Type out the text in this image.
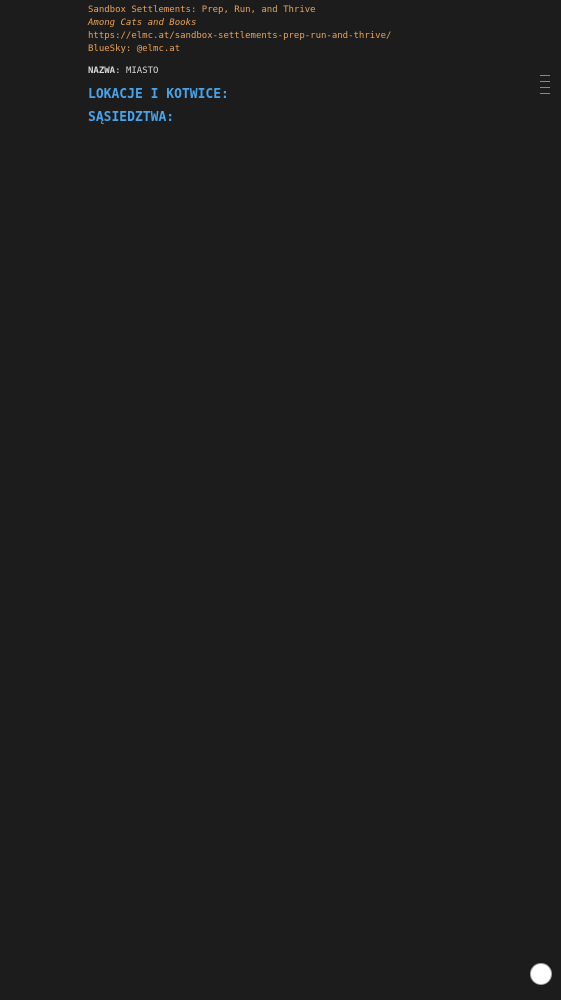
Sandbox Settlements: Prep, Run, and Thrive
Among Cats and Books
https://elmc.at/sandbox-settlements-prep-run-and-thrive/
BlueSky: @elmc.at

NAZWA: MIASTO

LOKACJE I KOTWICE:
SĄSIEDZTWA:
